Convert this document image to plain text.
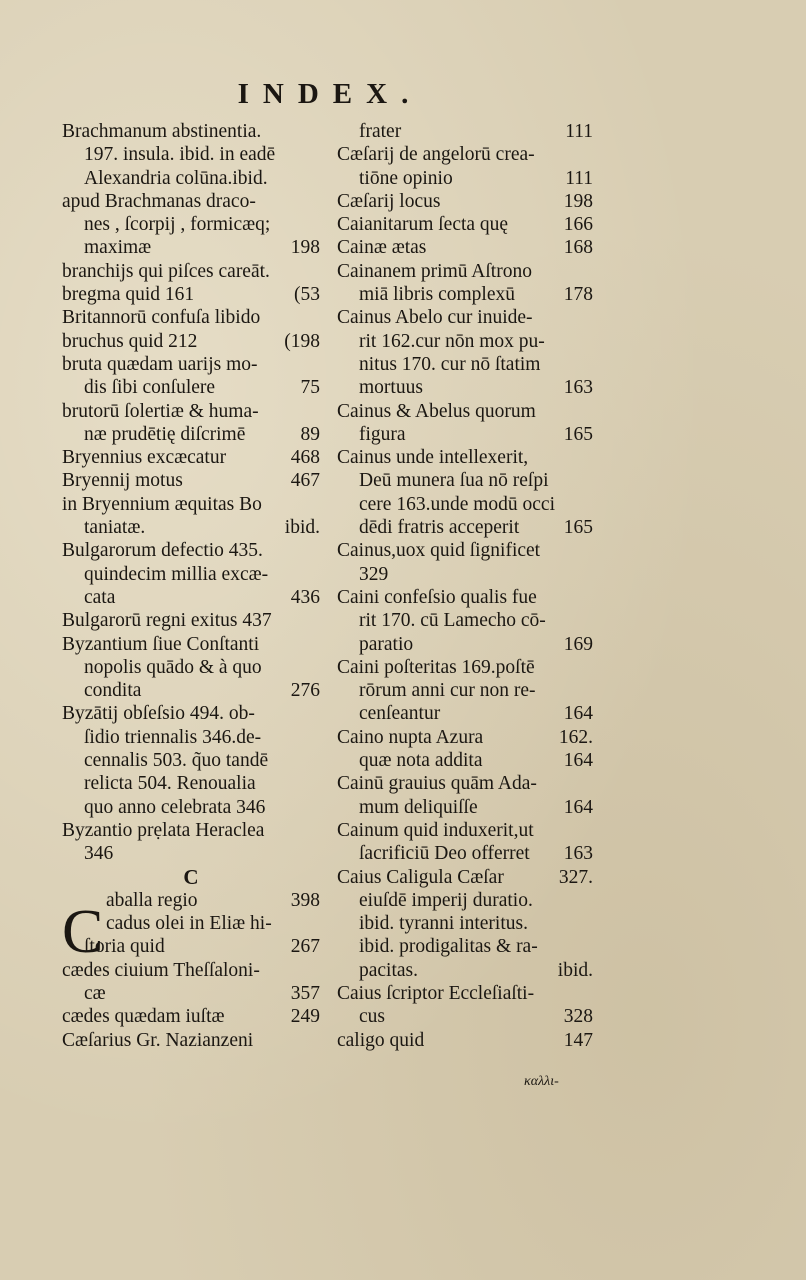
INDEX.
Brachmanum abstinentia.
197. insula. ibid. in eadē
Alexandria colūna.ibid.
apud Brachmanas draco-
nes , ſcorpij , formicæq;
maximæ	198
branchijs qui piſces careāt.
bregma quid 161	(53
Britannorū confuſa libido
bruchus quid 212	(198
bruta quædam uarijs mo-
dis ſibi conſulere	75
brutorū ſolertiæ & huma-
næ prudētię diſcrimē	89
Bryennius excæcatur	468
Bryennij motus	467
in Bryennium æquitas Bo
taniatæ.	ibid.
Bulgarorum defectio 435.
quindecim millia excæ-
cata	436
Bulgarorū regni exitus 437
Byzantium ſiue Conſtanti
nopolis quādo & à quo
condita	276
Byzātij obſeſsio 494. ob-
ſidio triennalis 346.de-
cennalis 503. q̃uo tandē
relicta 504. Renoualia
quo anno celebrata 346
Byzantio prẹlata Heraclea
346
C
aballa regio	398
cadus olei in Eliæ hi-
ſtoria quid	267
cædes ciuium Theſſaloni-
cæ	357
cædes quædam iuſtæ	249
Cæſarius Gr. Nazianzeni
frater	111
Cæſarij de angelorū crea-
tiōne opinio	111
Cæſarij locus	198
Caianitarum ſecta quę	166
Cainæ ætas	168
Cainanem primū Aſtrono
miā libris complexū	178
Cainus Abelo cur inuide-
rit 162.cur nōn mox pu-
nitus 170. cur nō ſtatim
mortuus	163
Cainus & Abelus quorum
figura	165
Cainus unde intellexerit,
Deū munera ſua nō reſpi
cere 163.unde modū occi
dēdi fratris acceperit 165
Cainus,uox quid ſignificet
329
Caini confeſsio qualis fue
rit 170. cū Lamecho cō-
paratio	169
Caini poſteritas 169.poſtē
rōrum anni cur non re-
cenſeantur	164
Caino nupta Azura	162.
quæ nota addita	164
Cainū grauius quām Ada-
mum deliquiſſe	164
Cainum quid induxerit,ut
ſacrificiū Deo offerret 163
Caius Caligula Cæſar	327.
eiuſdē imperij duratio.
ibid. tyranni interitus.
ibid. prodigalitas & ra-
pacitas.	ibid.
Caius ſcriptor Eccleſiaſti-
cus	328
caligo quid	147
C
καλλι-
